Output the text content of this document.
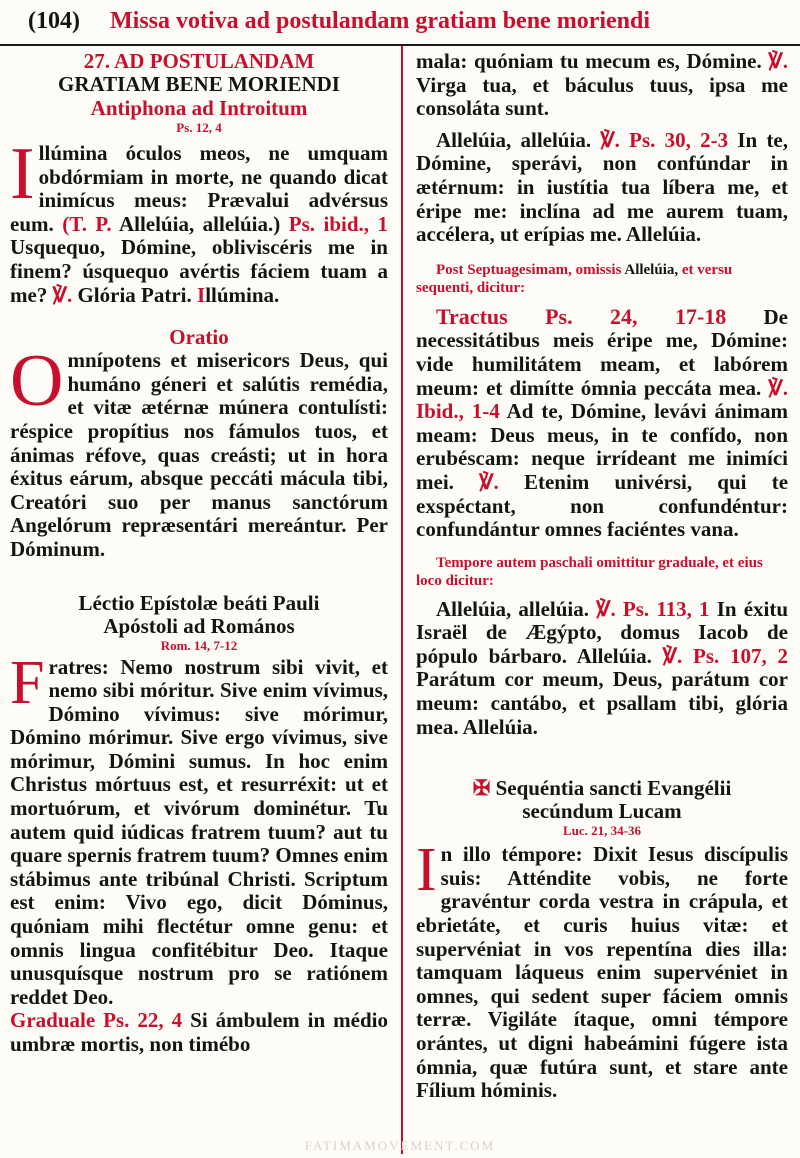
(104) Missa votiva ad postulandam gratiam bene moriendi

27. AD POSTULANDAM
GRATIAM BENE MORIENDI

Antiphona ad Introitum

Ps. 12, 4

Illúmina óculos meos, ne umquam obdórmiam in morte, ne quando dicat inimícus meus: Prævalui advérsus eum. (T. P. Allelúia, allelúia.) Ps. ibid., 1 Usquequo, Dómine, obliviscéris me in finem? úsquequo avértis fáciem tuam a me? ℣. Glória Patri. Illúmina.

Oratio

Omnípotens et misericors Deus, qui humáno géneri et salútis remédia, et vitæ ætérnæ múnera contulísti: réspice propítius nos fámulos tuos, et ánimas réfove, quas creásti; ut in hora éxitus eárum, absque peccáti mácula tibi, Creatóri suo per manus sanctórum Angelórum repræsentári mereántur. Per Dóminum.

Léctio Epístolæ beáti Pauli
Apóstoli ad Romános

Rom. 14, 7-12

Fratres: Nemo nostrum sibi vivit, et nemo sibi móritur. Sive enim vívimus, Dómino vívimus: sive mórimur, Dómino mórimur. Sive ergo vívimus, sive mórimur, Dómini sumus. In hoc enim Christus mórtuus est, et resurréxit: ut et mortuórum, et vivórum dominétur. Tu autem quid iúdicas fratrem tuum? aut tu quare spernis fratrem tuum? Omnes enim stábimus ante tribúnal Christi. Scriptum est enim: Vivo ego, dicit Dóminus, quóniam mihi flectétur omne genu: et omnis lingua confitébitur Deo. Itaque unusquísque nostrum pro se ratiónem reddet Deo.

Graduale Ps. 22, 4 Si ámbulem in médio umbræ mortis, non timébo

mala: quóniam tu mecum es, Dómine. ℣. Virga tua, et báculus tuus, ipsa me consoláta sunt.

Allelúia, allelúia. ℣. Ps. 30, 2-3 In te, Dómine, sperávi, non confúndar in ætérnum: in iustítia tua líbera me, et éripe me: inclína ad me aurem tuam, accélera, ut erípias me. Allelúia.

Post Septuagesimam, omissis Allelúia, et versu sequenti, dicitur:

Tractus Ps. 24, 17-18 De necessitátibus meis éripe me, Dómine: vide humilitátem meam, et labórem meum: et dimítte ómnia peccáta mea. ℣. Ibid., 1-4 Ad te, Dómine, levávi ánimam meam: Deus meus, in te confído, non erubéscam: neque irrídeant me inimíci mei. ℣. Etenim univérsi, qui te exspéctant, non confundéntur: confundántur omnes faciéntes vana.

Tempore autem paschali omittitur graduale, et eius loco dicitur:

Allelúia, allelúia. ℣. Ps. 113, 1 In éxitu Israël de Ægýpto, domus Iacob de pópulo bárbaro. Allelúia. ℣. Ps. 107, 2 Parátum cor meum, Deus, parátum cor meum: cantábo, et psallam tibi, glória mea. Allelúia.

✠ Sequéntia sancti Evangélii
secúndum Lucam

Luc. 21, 34-36

In illo témpore: Dixit Iesus discípulis suis: Atténdite vobis, ne forte gravéntur corda vestra in crápula, et ebrietáte, et curis huius vitæ: et supervéniat in vos repentína dies illa: tamquam láqueus enim supervéniet in omnes, qui sedent super fáciem omnis terræ. Vigiláte ítaque, omni témpore orántes, ut digni habeámini fúgere ista ómnia, quæ futúra sunt, et stare ante Fílium hóminis.

FATIMAMOVEMENT.COM
